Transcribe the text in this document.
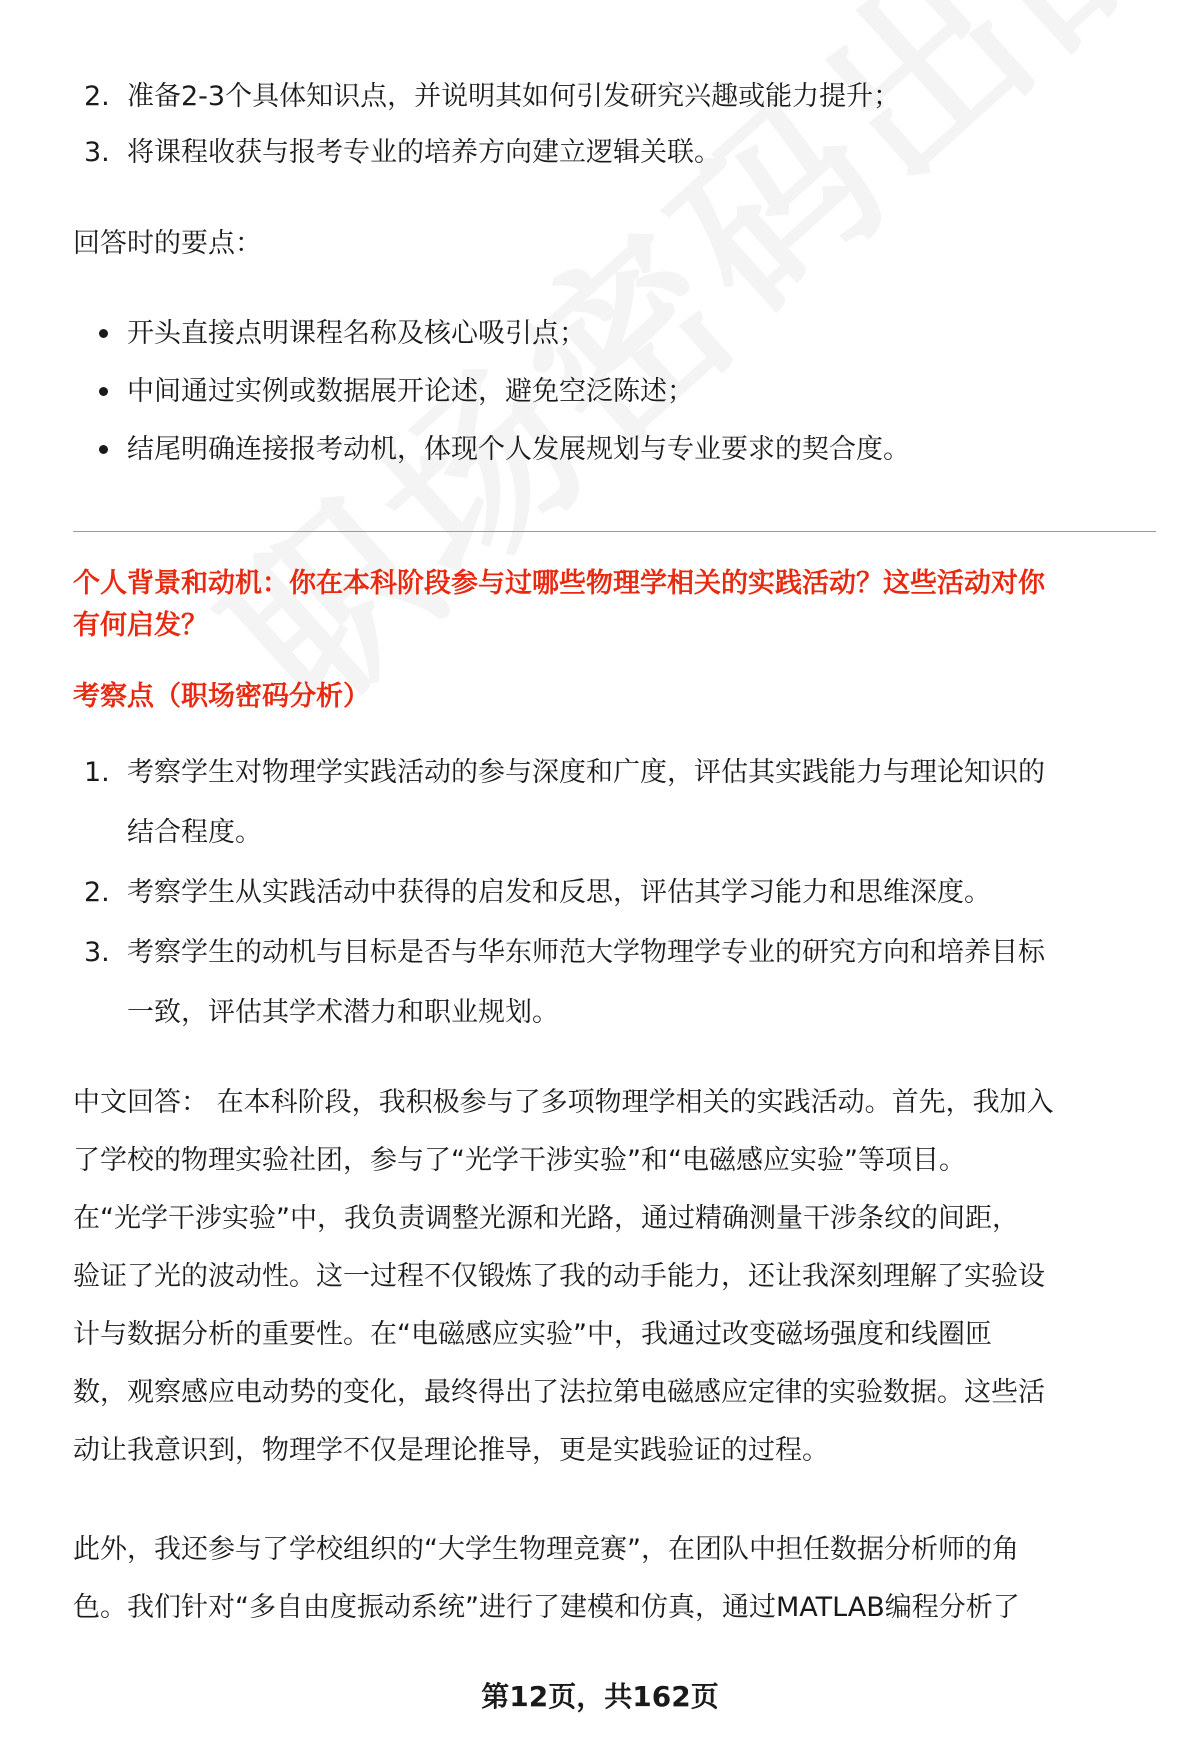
2. 准备2-3个具体知识点，并说明其如何引发研究兴趣或能力提升；
3. 将课程收获与报考专业的培养方向建立逻辑关联。
回答时的要点：
开头直接点明课程名称及核心吸引点；
中间通过实例或数据展开论述，避免空泛陈述；
结尾明确连接报考动机，体现个人发展规划与专业要求的契合度。
个人背景和动机：你在本科阶段参与过哪些物理学相关的实践活动？这些活动对你
有何启发？
考察点（职场密码分析）
1. 考察学生对物理学实践活动的参与深度和广度，评估其实践能力与理论知识的
结合程度。
2. 考察学生从实践活动中获得的启发和反思，评估其学习能力和思维深度。
3. 考察学生的动机与目标是否与华东师范大学物理学专业的研究方向和培养目标
一致，评估其学术潜力和职业规划。
中文回答： 在本科阶段，我积极参与了多项物理学相关的实践活动。首先，我加入
了学校的物理实验社团，参与了“光学干涉实验”和“电磁感应实验”等项目。
在“光学干涉实验”中，我负责调整光源和光路，通过精确测量干涉条纹的间距，
验证了光的波动性。这一过程不仅锻炼了我的动手能力，还让我深刻理解了实验设
计与数据分析的重要性。在“电磁感应实验”中，我通过改变磁场强度和线圈匝
数，观察感应电动势的变化，最终得出了法拉第电磁感应定律的实验数据。这些活
动让我意识到，物理学不仅是理论推导，更是实践验证的过程。
此外，我还参与了学校组织的“大学生物理竞赛”，在团队中担任数据分析师的角
色。我们针对“多自由度振动系统”进行了建模和仿真，通过MATLAB编程分析了
第12页，共162页
